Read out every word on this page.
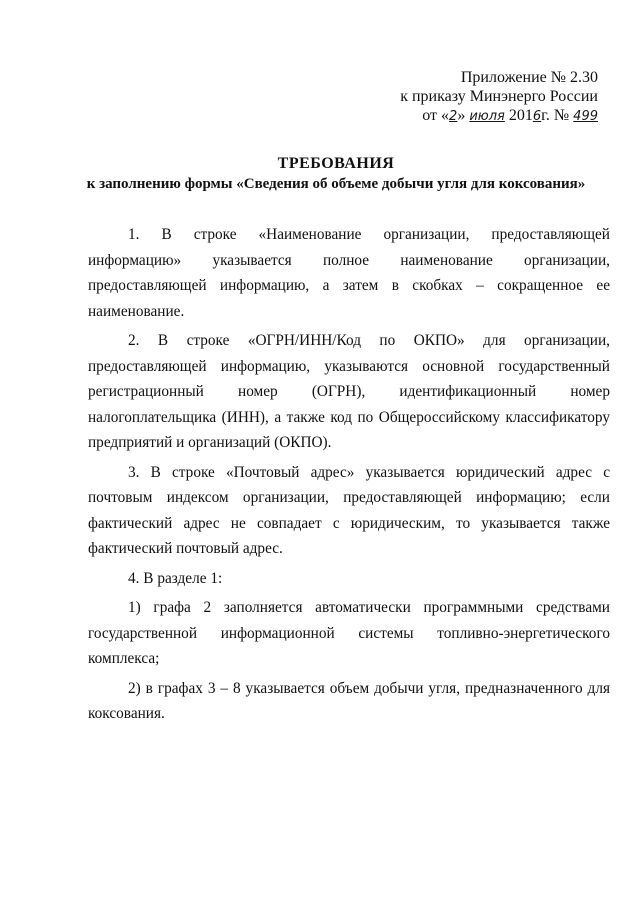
Приложение № 2.30
к приказу Минэнерго России
от «2» июля 2016г. № 499
ТРЕБОВАНИЯ
к заполнению формы «Сведения об объеме добычи угля для коксования»

1. В строке «Наименование организации, предоставляющей информацию» указывается полное наименование организации, предоставляющей информацию, а затем в скобках – сокращенное ее наименование.

2. В строке «ОГРН/ИНН/Код по ОКПО» для организации, предоставляющей информацию, указываются основной государственный регистрационный номер (ОГРН), идентификационный номер налогоплательщика (ИНН), а также код по Общероссийскому классификатору предприятий и организаций (ОКПО).

3. В строке «Почтовый адрес» указывается юридический адрес с почтовым индексом организации, предоставляющей информацию; если фактический адрес не совпадает с юридическим, то указывается также фактический почтовый адрес.

4. В разделе 1:

1) графа 2 заполняется автоматически программными средствами государственной информационной системы топливно-энергетического комплекса;

2) в графах 3 – 8 указывается объем добычи угля, предназначенного для коксования.
